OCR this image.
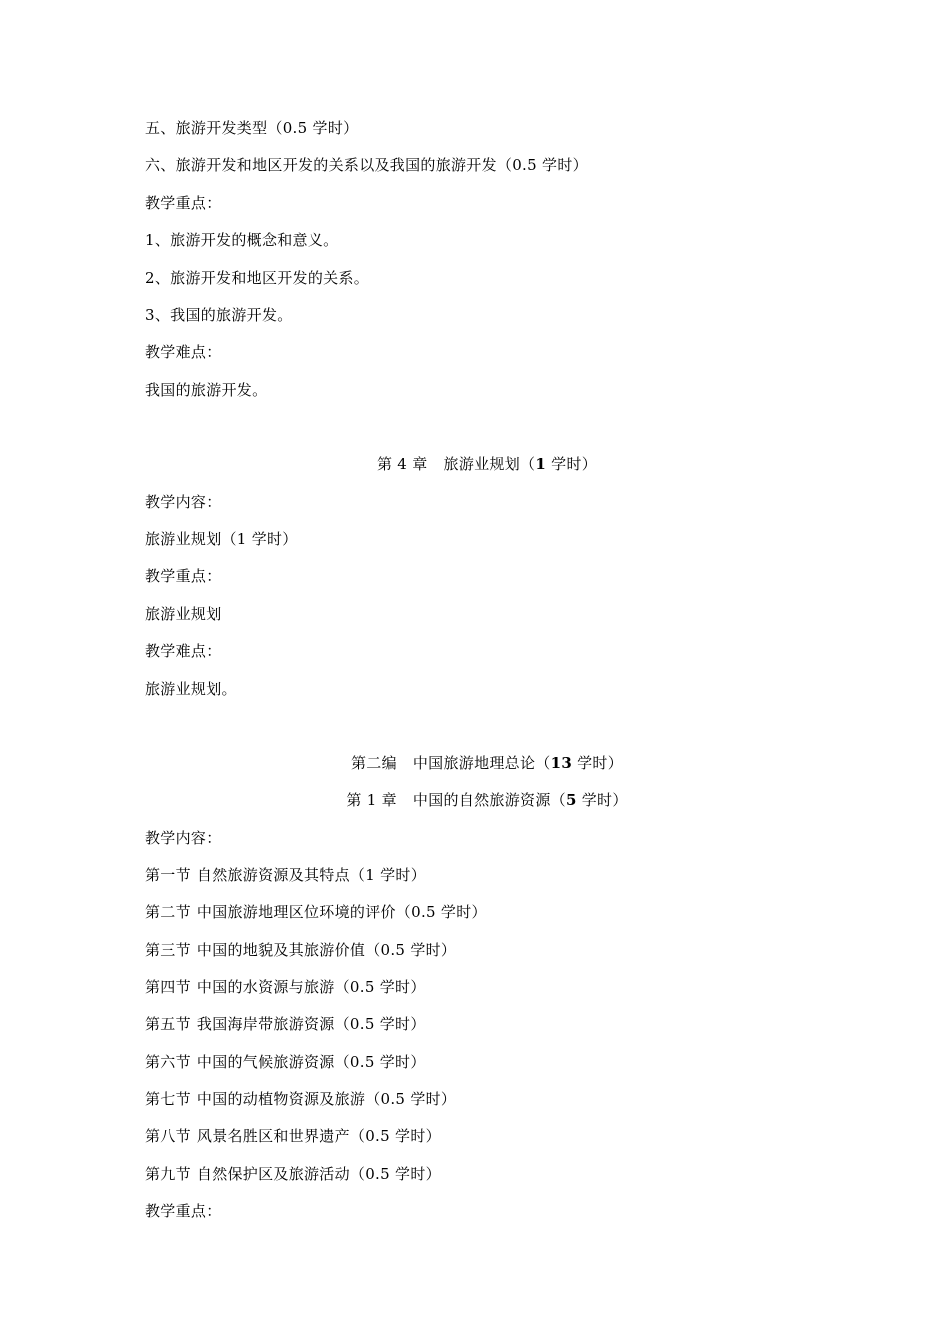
五、旅游开发类型（0.5 学时）
六、旅游开发和地区开发的关系以及我国的旅游开发（0.5 学时）
教学重点：
1、旅游开发的概念和意义。
2、旅游开发和地区开发的关系。
3、我国的旅游开发。
教学难点：
我国的旅游开发。
第 4 章 旅游业规划（1 学时）
教学内容：
旅游业规划（1 学时）
教学重点：
旅游业规划
教学难点：
旅游业规划。
第二编 中国旅游地理总论（13 学时）
第 1 章 中国的自然旅游资源（5 学时）
教学内容：
第一节 自然旅游资源及其特点（1 学时）
第二节 中国旅游地理区位环境的评价（0.5 学时）
第三节 中国的地貌及其旅游价值（0.5 学时）
第四节 中国的水资源与旅游（0.5 学时）
第五节 我国海岸带旅游资源（0.5 学时）
第六节 中国的气候旅游资源（0.5 学时）
第七节 中国的动植物资源及旅游（0.5 学时）
第八节 风景名胜区和世界遗产（0.5 学时）
第九节 自然保护区及旅游活动（0.5 学时）
教学重点：
